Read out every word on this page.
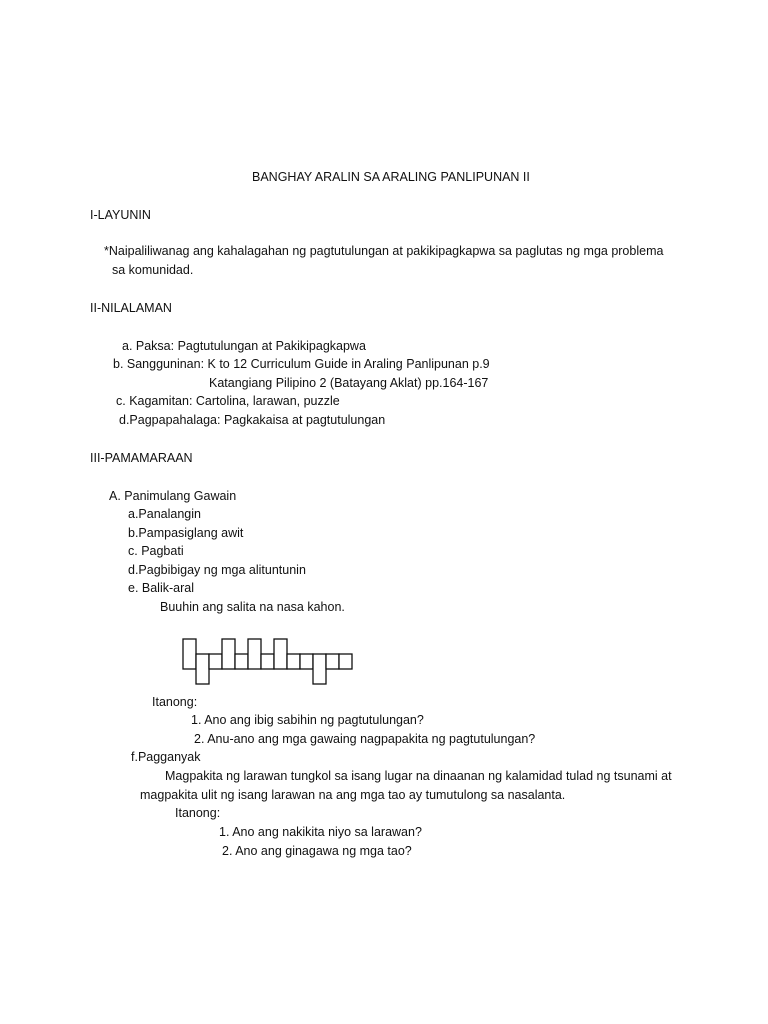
BANGHAY ARALIN SA ARALING PANLIPUNAN II
I-LAYUNIN
*Naipaliliwanag ang kahalagahan ng pagtutulungan at pakikipagkapwa sa paglutas ng mga problema
sa komunidad.
II-NILALAMAN
a. Paksa: Pagtutulungan at Pakikipagkapwa
b. Sangguninan: K to 12 Curriculum Guide in Araling Panlipunan p.9
Katangiang Pilipino 2 (Batayang Aklat) pp.164-167
c. Kagamitan: Cartolina, larawan, puzzle
d.Pagpapahalaga: Pagkakaisa at pagtutulungan
III-PAMAMARAAN
A. Panimulang Gawain
a.Panalangin
b.Pampasiglang awit
c. Pagbati
d.Pagbibigay ng mga alituntunin
e. Balik-aral
Buuhin ang salita na nasa kahon.
Itanong:
1. Ano ang ibig sabihin ng pagtutulungan?
2. Anu-ano ang mga gawaing nagpapakita ng pagtutulungan?
f.Pagganyak
Magpakita ng larawan tungkol sa isang lugar na dinaanan ng kalamidad tulad ng tsunami at
magpakita ulit ng isang larawan na ang mga tao ay tumutulong sa nasalanta.
Itanong:
1. Ano ang nakikita niyo sa larawan?
2. Ano ang ginagawa ng mga tao?
